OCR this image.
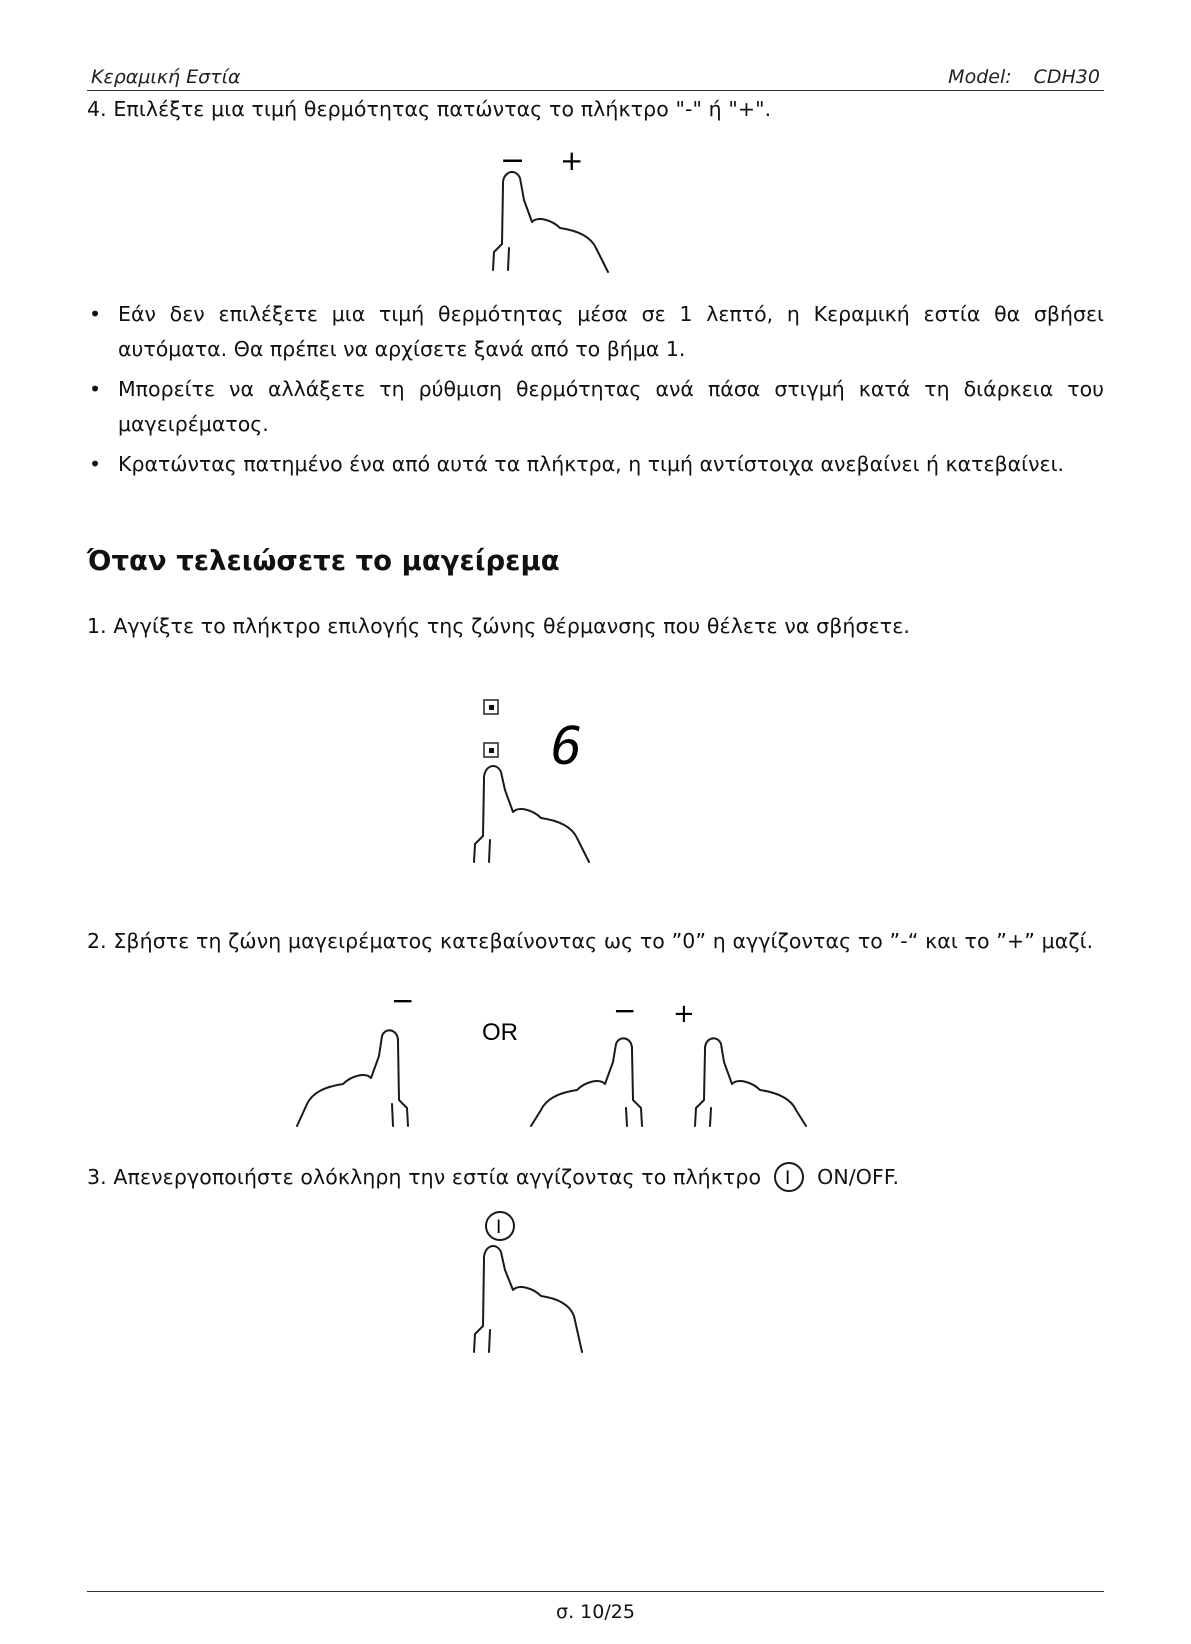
Κεραμική Εστία	Model: CDH30
4. Επιλέξτε μια τιμή θερμότητας πατώντας το πλήκτρο "-" ή "+".
− +
• Εάν δεν επιλέξετε μια τιμή θερμότητας μέσα σε 1 λεπτό, η Κεραμική εστία θα σβήσει αυτόματα. Θα πρέπει να αρχίσετε ξανά από το βήμα 1.
• Μπορείτε να αλλάξετε τη ρύθμιση θερμότητας ανά πάσα στιγμή κατά τη διάρκεια του μαγειρέματος.
• Κρατώντας πατημένο ένα από αυτά τα πλήκτρα, η τιμή αντίστοιχα ανεβαίνει ή κατεβαίνει.
Όταν τελειώσετε το μαγείρεμα
1. Αγγίξτε το πλήκτρο επιλογής της ζώνης θέρμανσης που θέλετε να σβήσετε.
6
2. Σβήστε τη ζώνη μαγειρέματος κατεβαίνοντας ως το ”0” η αγγίζοντας το ”-“ και το ”+” μαζί.
−
OR
− +
3. Απενεργοποιήστε ολόκληρη την εστία αγγίζοντας το πλήκτρο I ON/OFF.
I
σ. 10/25
